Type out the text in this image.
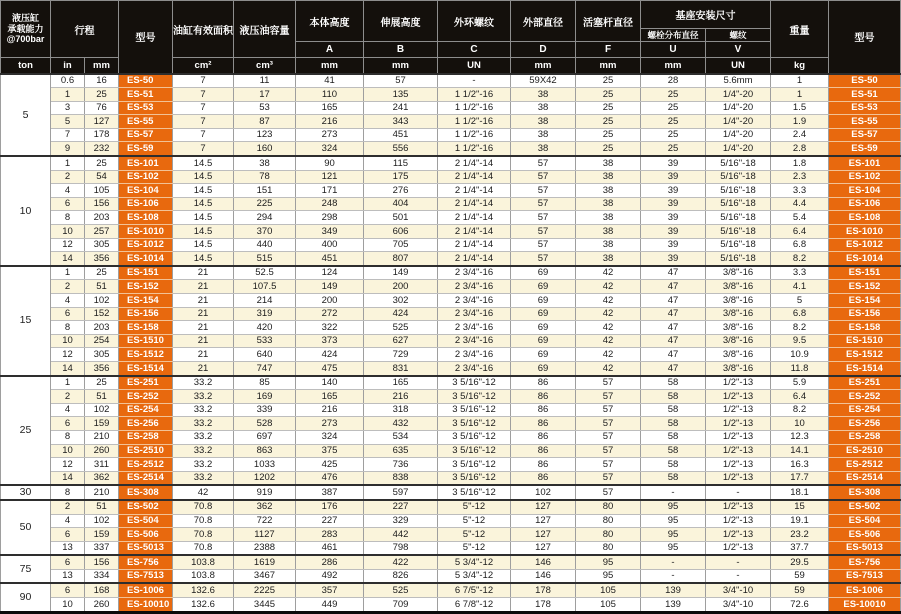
液压缸
承载能力
@700bar	行程		型号	油缸有效面积	液压油容量	本体高度	伸展高度	外环螺纹	外部直径	活塞杆直径	基座安装尺寸		重量	型号
											螺栓分布直径	螺纹		
						A	B	C	D	F	U	V		
ton	in	mm		cm²	cm³	mm	mm	UN	mm	mm	mm	UN	kg	
5	0.6	16	ES-50	7	11	41	57	-	59X42	25	28	5.6mm	1	ES-50
	1	25	ES-51	7	17	110	135	1 1/2"-16	38	25	25	1/4"-20	1	ES-51
	3	76	ES-53	7	53	165	241	1 1/2"-16	38	25	25	1/4"-20	1.5	ES-53
	5	127	ES-55	7	87	216	343	1 1/2"-16	38	25	25	1/4"-20	1.9	ES-55
	7	178	ES-57	7	123	273	451	1 1/2"-16	38	25	25	1/4"-20	2.4	ES-57
	9	232	ES-59	7	160	324	556	1 1/2"-16	38	25	25	1/4"-20	2.8	ES-59
10	1	25	ES-101	14.5	38	90	115	2 1/4"-14	57	38	39	5/16"-18	1.8	ES-101
	2	54	ES-102	14.5	78	121	175	2 1/4"-14	57	38	39	5/16"-18	2.3	ES-102
	4	105	ES-104	14.5	151	171	276	2 1/4"-14	57	38	39	5/16"-18	3.3	ES-104
	6	156	ES-106	14.5	225	248	404	2 1/4"-14	57	38	39	5/16"-18	4.4	ES-106
	8	203	ES-108	14.5	294	298	501	2 1/4"-14	57	38	39	5/16"-18	5.4	ES-108
	10	257	ES-1010	14.5	370	349	606	2 1/4"-14	57	38	39	5/16"-18	6.4	ES-1010
	12	305	ES-1012	14.5	440	400	705	2 1/4"-14	57	38	39	5/16"-18	6.8	ES-1012
	14	356	ES-1014	14.5	515	451	807	2 1/4"-14	57	38	39	5/16"-18	8.2	ES-1014
15	1	25	ES-151	21	52.5	124	149	2 3/4"-16	69	42	47	3/8"-16	3.3	ES-151
	2	51	ES-152	21	107.5	149	200	2 3/4"-16	69	42	47	3/8"-16	4.1	ES-152
	4	102	ES-154	21	214	200	302	2 3/4"-16	69	42	47	3/8"-16	5	ES-154
	6	152	ES-156	21	319	272	424	2 3/4"-16	69	42	47	3/8"-16	6.8	ES-156
	8	203	ES-158	21	420	322	525	2 3/4"-16	69	42	47	3/8"-16	8.2	ES-158
	10	254	ES-1510	21	533	373	627	2 3/4"-16	69	42	47	3/8"-16	9.5	ES-1510
	12	305	ES-1512	21	640	424	729	2 3/4"-16	69	42	47	3/8"-16	10.9	ES-1512
	14	356	ES-1514	21	747	475	831	2 3/4"-16	69	42	47	3/8"-16	11.8	ES-1514
25	1	25	ES-251	33.2	85	140	165	3 5/16"-12	86	57	58	1/2"-13	5.9	ES-251
	2	51	ES-252	33.2	169	165	216	3 5/16"-12	86	57	58	1/2"-13	6.4	ES-252
	4	102	ES-254	33.2	339	216	318	3 5/16"-12	86	57	58	1/2"-13	8.2	ES-254
	6	159	ES-256	33.2	528	273	432	3 5/16"-12	86	57	58	1/2"-13	10	ES-256
	8	210	ES-258	33.2	697	324	534	3 5/16"-12	86	57	58	1/2"-13	12.3	ES-258
	10	260	ES-2510	33.2	863	375	635	3 5/16"-12	86	57	58	1/2"-13	14.1	ES-2510
	12	311	ES-2512	33.2	1033	425	736	3 5/16"-12	86	57	58	1/2"-13	16.3	ES-2512
	14	362	ES-2514	33.2	1202	476	838	3 5/16"-12	86	57	58	1/2"-13	17.7	ES-2514
30	8	210	ES-308	42	919	387	597	3 5/16"-12	102	57	-	-	18.1	ES-308
50	2	51	ES-502	70.8	362	176	227	5"-12	127	80	95	1/2"-13	15	ES-502
	4	102	ES-504	70.8	722	227	329	5"-12	127	80	95	1/2"-13	19.1	ES-504
	6	159	ES-506	70.8	1127	283	442	5"-12	127	80	95	1/2"-13	23.2	ES-506
	13	337	ES-5013	70.8	2388	461	798	5"-12	127	80	95	1/2"-13	37.7	ES-5013
75	6	156	ES-756	103.8	1619	286	422	5 3/4"-12	146	95	-	-	29.5	ES-756
	13	334	ES-7513	103.8	3467	492	826	5 3/4"-12	146	95	-	-	59	ES-7513
90	6	168	ES-1006	132.6	2225	357	525	6 7/5"-12	178	105	139	3/4"-10	59	ES-1006
	10	260	ES-10010	132.6	3445	449	709	6 7/8"-12	178	105	139	3/4"-10	72.6	ES-10010
